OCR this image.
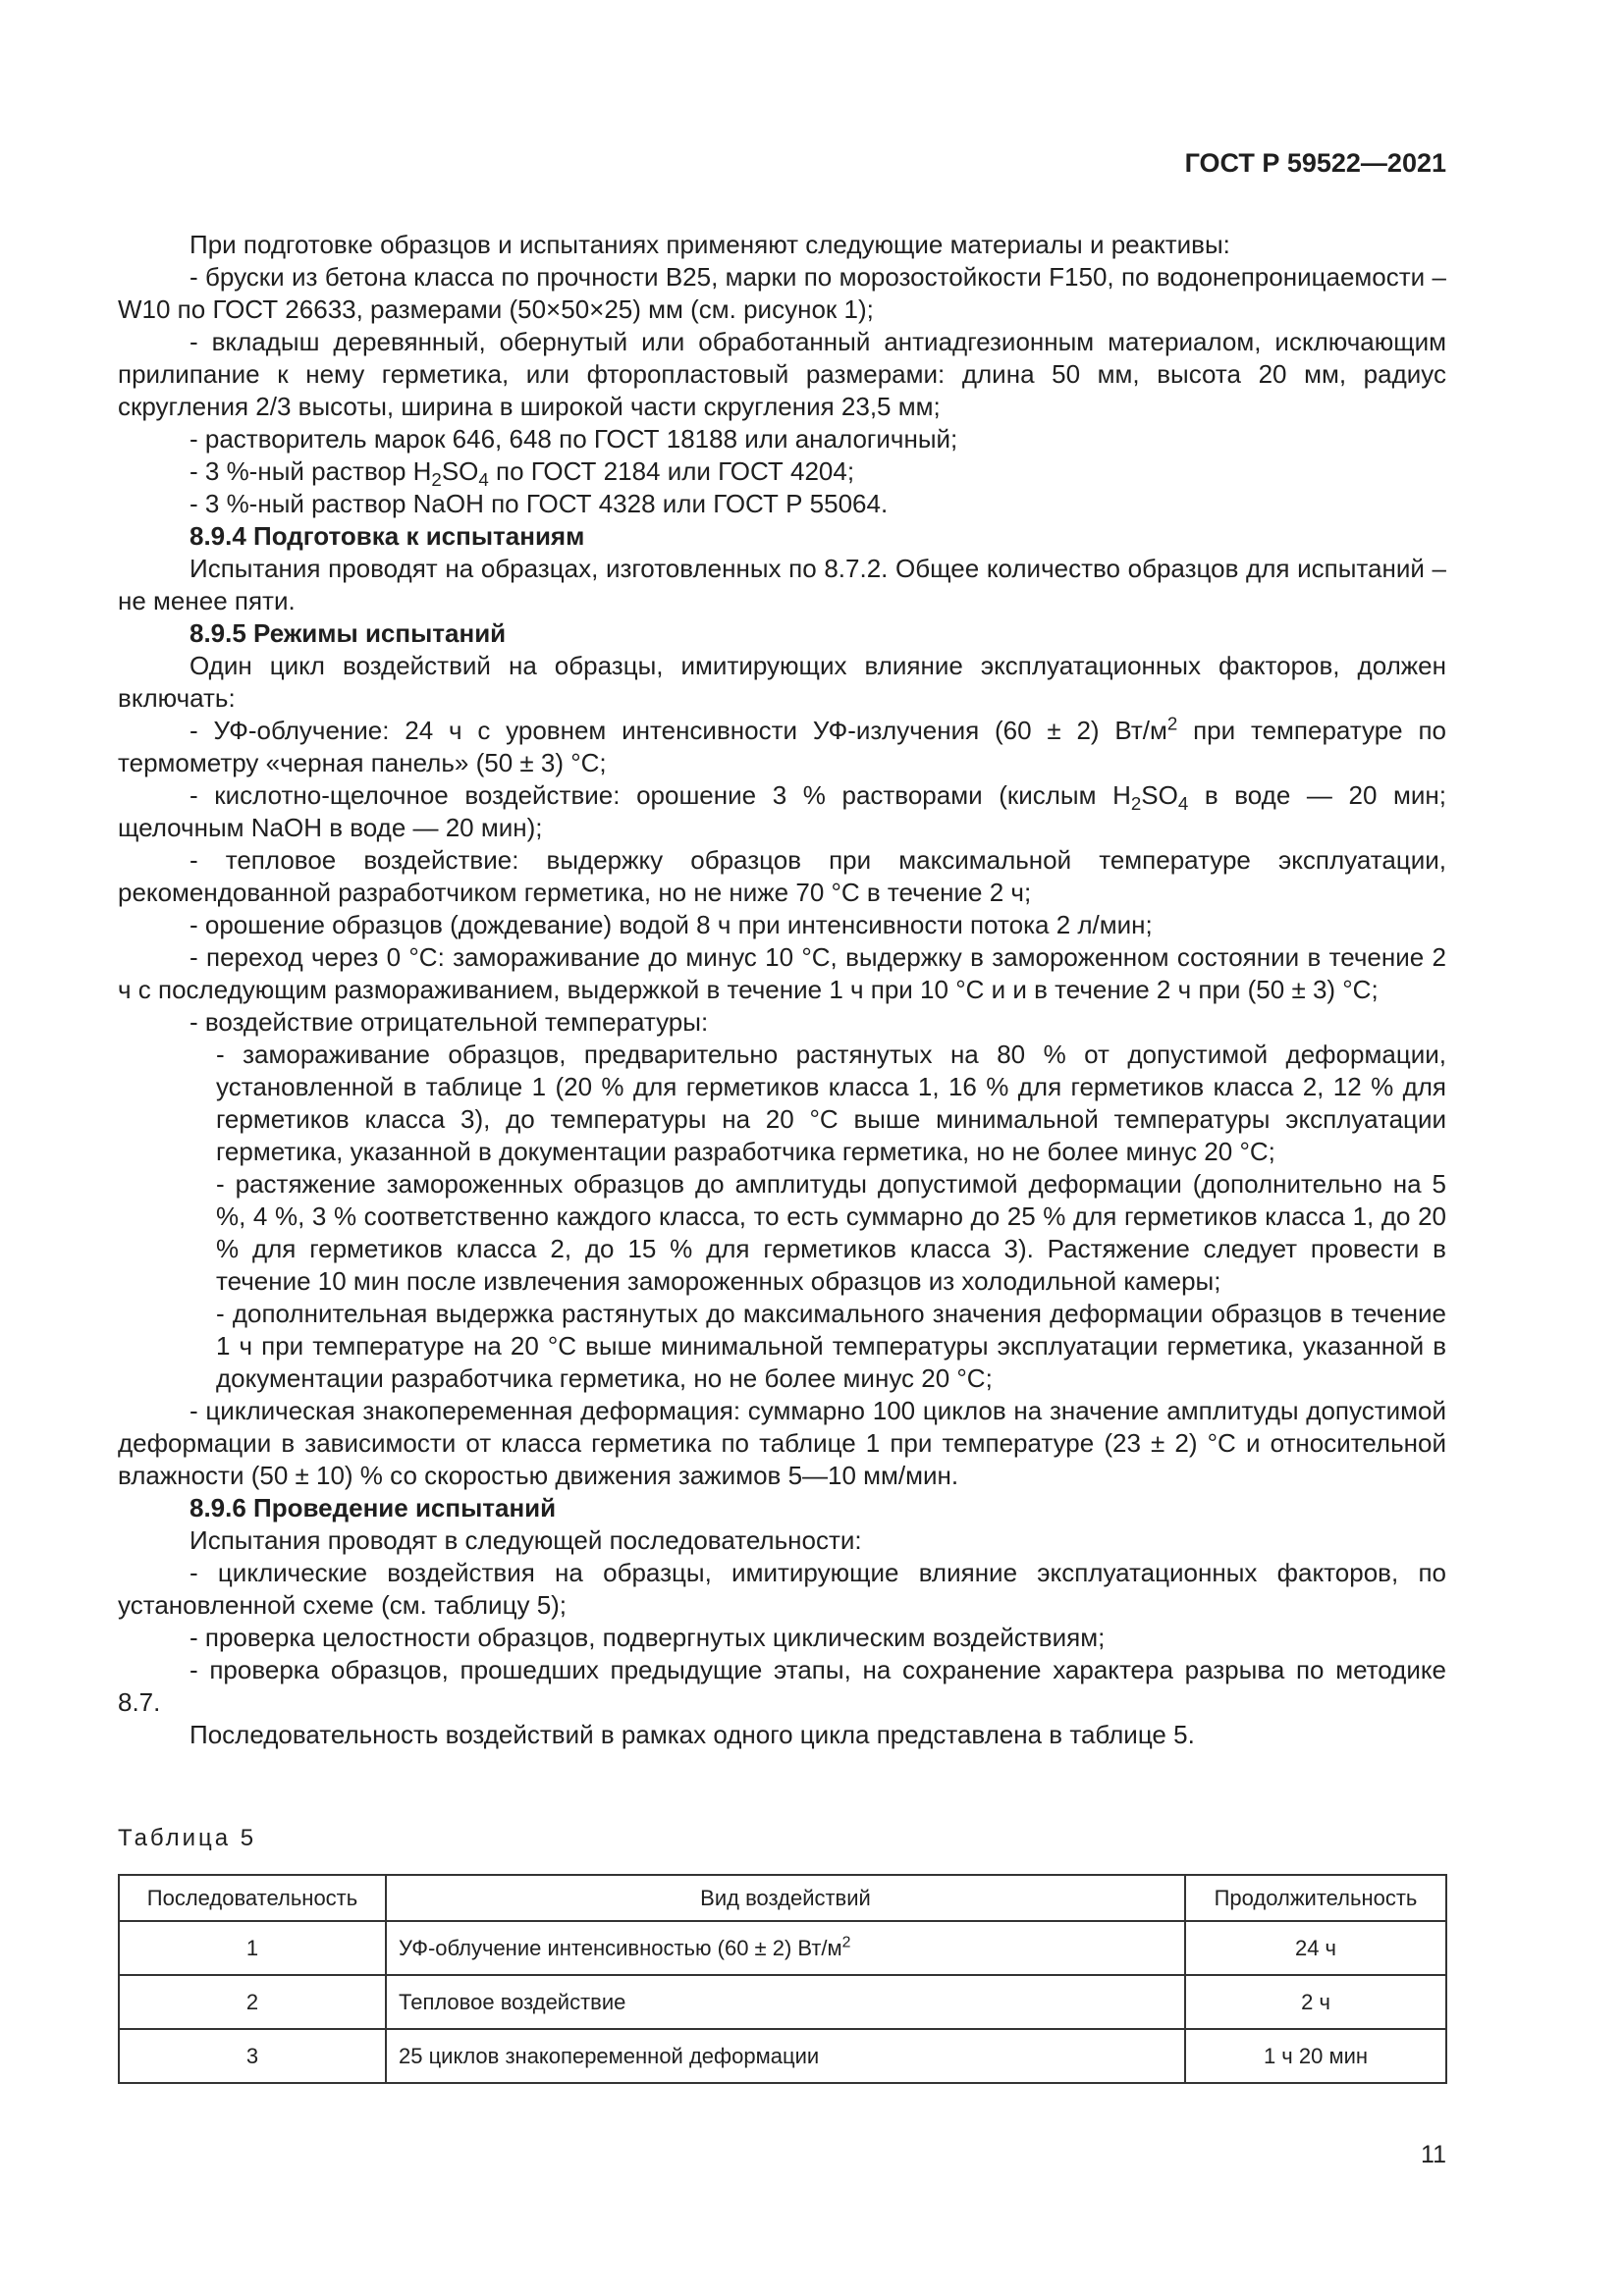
ГОСТ Р 59522—2021

При подготовке образцов и испытаниях применяют следующие материалы и реактивы:

- бруски из бетона класса по прочности B25, марки по морозостойкости F150, по водонепроницаемости – W10 по ГОСТ 26633, размерами (50×50×25) мм (см. рисунок 1);

- вкладыш деревянный, обернутый или обработанный антиадгезионным материалом, исключающим прилипание к нему герметика, или фторопластовый размерами: длина 50 мм, высота 20 мм, радиус скругления 2/3 высоты, ширина в широкой части скругления 23,5 мм;

- растворитель марок 646, 648 по ГОСТ 18188 или аналогичный;

- 3 %-ный раствор $H_2SO_4$ по ГОСТ 2184 или ГОСТ 4204;

- 3 %-ный раствор NaOH по ГОСТ 4328 или ГОСТ Р 55064.

8.9.4 Подготовка к испытаниям

Испытания проводят на образцах, изготовленных по 8.7.2. Общее количество образцов для испытаний – не менее пяти.

8.9.5 Режимы испытаний

Один цикл воздействий на образцы, имитирующих влияние эксплуатационных факторов, должен включать:

- УФ-облучение: 24 ч с уровнем интенсивности УФ-излучения (60 ± 2) $Вт/м^2$ при температуре по термометру «черная панель» (50 ± 3) °C;

- кислотно-щелочное воздействие: орошение 3 % растворами (кислым $H_2SO_4$ в воде — 20 мин; щелочным NaOH в воде — 20 мин);

- тепловое воздействие: выдержку образцов при максимальной температуре эксплуатации, рекомендованной разработчиком герметика, но не ниже 70 °C в течение 2 ч;

- орошение образцов (дождевание) водой 8 ч при интенсивности потока 2 л/мин;

- переход через 0 °C: замораживание до минус 10 °C, выдержку в замороженном состоянии в течение 2 ч с последующим размораживанием, выдержкой в течение 1 ч при 10 °C и и в течение 2 ч при (50 ± 3) °C;

- воздействие отрицательной температуры:

- замораживание образцов, предварительно растянутых на 80 % от допустимой деформации, установленной в таблице 1 (20 % для герметиков класса 1, 16 % для герметиков класса 2, 12 % для герметиков класса 3), до температуры на 20 °C выше минимальной температуры эксплуатации герметика, указанной в документации разработчика герметика, но не более минус 20 °C;

- растяжение замороженных образцов до амплитуды допустимой деформации (дополнительно на 5 %, 4 %, 3 % соответственно каждого класса, то есть суммарно до 25 % для герметиков класса 1, до 20 % для герметиков класса 2, до 15 % для герметиков класса 3). Растяжение следует провести в течение 10 мин после извлечения замороженных образцов из холодильной камеры;

- дополнительная выдержка растянутых до максимального значения деформации образцов в течение 1 ч при температуре на 20 °C выше минимальной температуры эксплуатации герметика, указанной в документации разработчика герметика, но не более минус 20 °C;

- циклическая знакопеременная деформация: суммарно 100 циклов на значение амплитуды допустимой деформации в зависимости от класса герметика по таблице 1 при температуре (23 ± 2) °C и относительной влажности (50 ± 10) % со скоростью движения зажимов 5—10 мм/мин.

8.9.6 Проведение испытаний

Испытания проводят в следующей последовательности:

- циклические воздействия на образцы, имитирующие влияние эксплуатационных факторов, по установленной схеме (см. таблицу 5);

- проверка целостности образцов, подвергнутых циклическим воздействиям;

- проверка образцов, прошедших предыдущие этапы, на сохранение характера разрыва по методике 8.7.

Последовательность воздействий в рамках одного цикла представлена в таблице 5.

Таблица 5

Последовательность	Вид воздействий	Продолжительность
1	УФ-облучение интенсивностью (60 ± 2) $Вт/м^2$	24 ч
2	Тепловое воздействие	2 ч
3	25 циклов знакопеременной деформации	1 ч 20 мин

11
